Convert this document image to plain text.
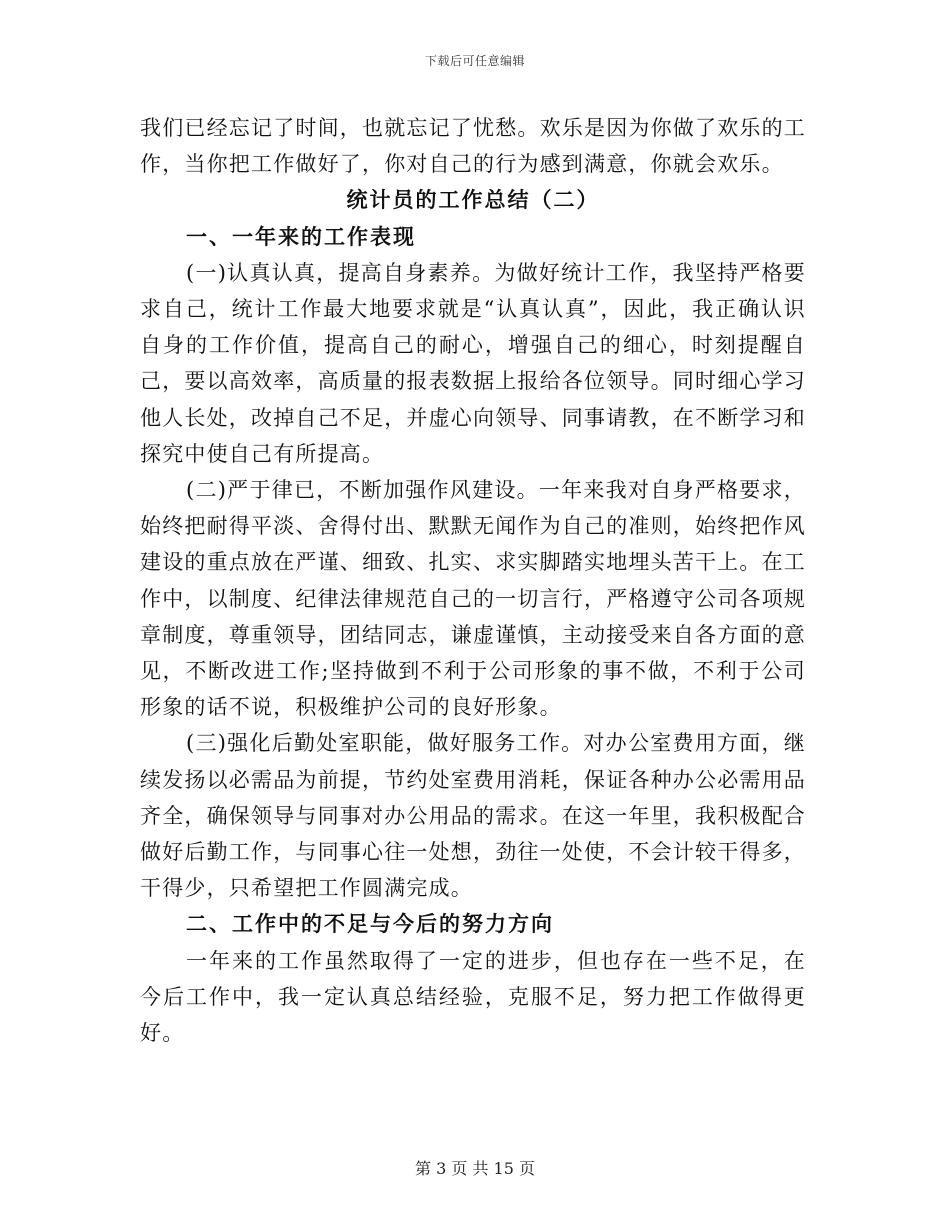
下载后可任意编辑

我们已经忘记了时间，也就忘记了忧愁。欢乐是因为你做了欢乐的工作，当你把工作做好了，你对自己的行为感到满意，你就会欢乐。

统计员的工作总结（二）

一、一年来的工作表现

(一)认真认真，提高自身素养。为做好统计工作，我坚持严格要求自己，统计工作最大地要求就是“认真认真”，因此，我正确认识自身的工作价值，提高自己的耐心，增强自己的细心，时刻提醒自己，要以高效率，高质量的报表数据上报给各位领导。同时细心学习他人长处，改掉自己不足，并虚心向领导、同事请教，在不断学习和探究中使自己有所提高。

(二)严于律已，不断加强作风建设。一年来我对自身严格要求，始终把耐得平淡、舍得付出、默默无闻作为自己的准则，始终把作风建设的重点放在严谨、细致、扎实、求实脚踏实地埋头苦干上。在工作中，以制度、纪律法律规范自己的一切言行，严格遵守公司各项规章制度，尊重领导，团结同志，谦虚谨慎，主动接受来自各方面的意见，不断改进工作;坚持做到不利于公司形象的事不做，不利于公司形象的话不说，积极维护公司的良好形象。

(三)强化后勤处室职能，做好服务工作。对办公室费用方面，继续发扬以必需品为前提，节约处室费用消耗，保证各种办公必需用品齐全，确保领导与同事对办公用品的需求。在这一年里，我积极配合做好后勤工作，与同事心往一处想，劲往一处使，不会计较干得多，干得少，只希望把工作圆满完成。

二、工作中的不足与今后的努力方向

一年来的工作虽然取得了一定的进步，但也存在一些不足，在今后工作中，我一定认真总结经验，克服不足，努力把工作做得更好。

第 3 页 共 15 页
